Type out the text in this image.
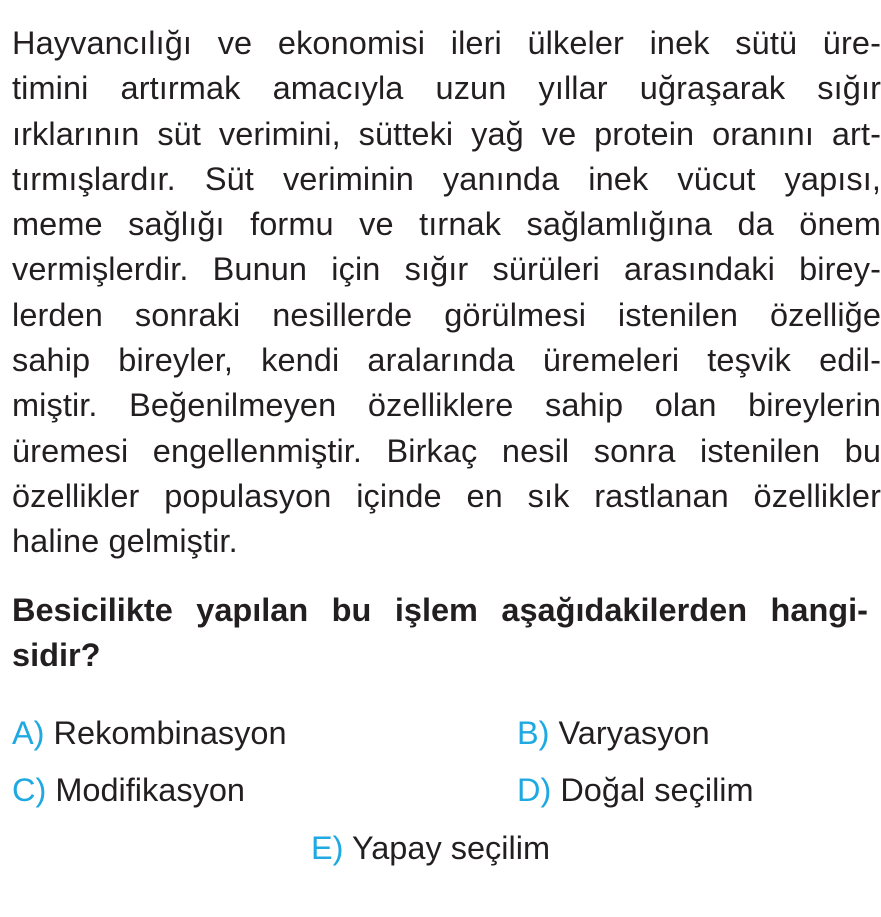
Hayvancılığı ve ekonomisi ileri ülkeler inek sütü üre-
timini artırmak amacıyla uzun yıllar uğraşarak sığır
ırklarının süt verimini, sütteki yağ ve protein oranını art-
tırmışlardır. Süt veriminin yanında inek vücut yapısı,
meme sağlığı formu ve tırnak sağlamlığına da önem
vermişlerdir. Bunun için sığır sürüleri arasındaki birey-
lerden sonraki nesillerde görülmesi istenilen özelliğe
sahip bireyler, kendi aralarında üremeleri teşvik edil-
miştir. Beğenilmeyen özelliklere sahip olan bireylerin
üremesi engellenmiştir. Birkaç nesil sonra istenilen bu
özellikler populasyon içinde en sık rastlanan özellikler
haline gelmiştir.
Besicilikte yapılan bu işlem aşağıdakilerden hangi-
sidir?
A) Rekombinasyon	B) Varyasyon
C) Modifikasyon	D) Doğal seçilim
E) Yapay seçilim
